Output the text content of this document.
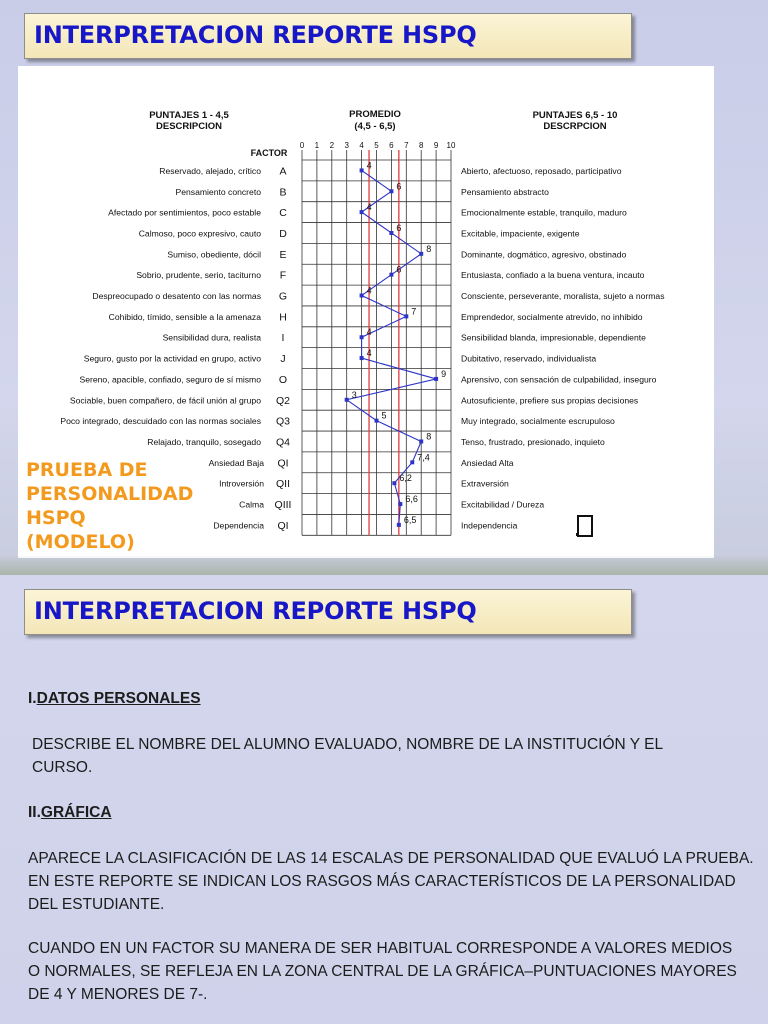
INTERPRETACION REPORTE HSPQ
PUNTAJES 1 - 4,5
DESCRIPCION
PROMEDIO
(4,5 - 6,5)
PUNTAJES 6,5 - 10
DESCRPCION
FACTOR
0 1 2 3 4 5 6 7 8 9 10
Reservado, alejado, crítico A	Abierto, afectuoso, reposado, participativo
Pensamiento concreto B	Pensamiento abstracto
Afectado por sentimientos, poco estable C	Emocionalmente estable, tranquilo, maduro
Calmoso, poco expresivo, cauto D	Excitable, impaciente, exigente
Sumiso, obediente, dócil E	Dominante, dogmático, agresivo, obstinado
Sobrio, prudente, serio, taciturno F	Entusiasta, confiado a la buena ventura, incauto
Despreocupado o desatento con las normas G	Consciente, perseverante, moralista, sujeto a normas
Cohibido, tímido, sensible a la amenaza H	Emprendedor, socialmente atrevido, no inhibido
Sensibilidad dura, realista I	Sensibilidad blanda, impresionable, dependiente
Seguro, gusto por la actividad en grupo, activo J	Dubitativo, reservado, individualista
Sereno, apacible, confiado, seguro de sí mismo O	Aprensivo, con sensación de culpabilidad, inseguro
Sociable, buen compañero, de fácil unión al grupo Q2	Autosuficiente, prefiere sus propias decisiones
Poco integrado, descuidado con las normas sociales Q3	Muy integrado, socialmente escrupuloso
Relajado, tranquilo, sosegado Q4	Tenso, frustrado, presionado, inquieto
Ansiedad Baja QI	Ansiedad Alta
Introversión QII	Extraversión
Calma QIII	Excitabilidad / Dureza
Dependencia QI	Independencia
4
6
4
6
8
6
4
7
4
4
9
3
5
8
7,4
6,2
6,6
6,5
PRUEBA DE
PERSONALIDAD
HSPQ
(MODELO)
INTERPRETACION REPORTE HSPQ
I.DATOS PERSONALES
DESCRIBE EL NOMBRE DEL ALUMNO EVALUADO, NOMBRE DE LA INSTITUCIÓN Y EL
CURSO.
II.GRÁFICA
APARECE LA CLASIFICACIÓN DE LAS 14 ESCALAS DE PERSONALIDAD QUE EVALUÓ LA PRUEBA.
EN ESTE REPORTE SE INDICAN LOS RASGOS MÁS CARACTERÍSTICOS DE LA PERSONALIDAD
DEL ESTUDIANTE.
CUANDO EN UN FACTOR SU MANERA DE SER HABITUAL CORRESPONDE A VALORES MEDIOS
O NORMALES, SE REFLEJA EN LA ZONA CENTRAL DE LA GRÁFICA–PUNTUACIONES MAYORES
DE 4 Y MENORES DE 7-.
